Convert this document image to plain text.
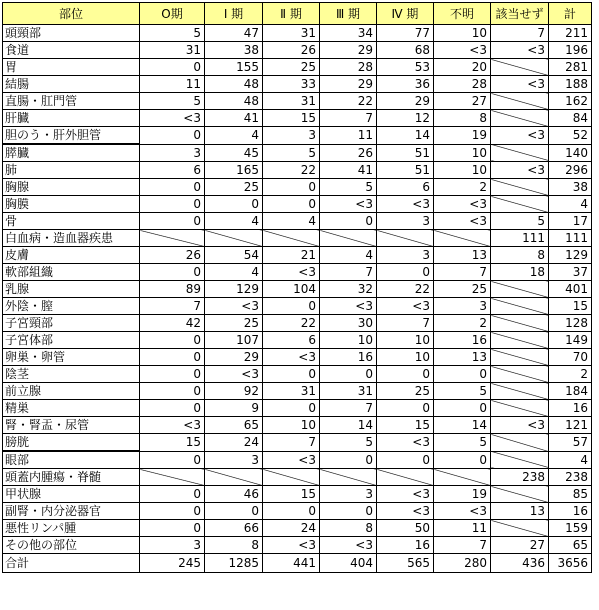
部位	O期	Ⅰ 期	Ⅱ 期	Ⅲ 期	Ⅳ 期	不明	該当せず	計
頭頸部	5	47	31	34	77	10	7	211
食道	31	38	26	29	68	<3	<3	196
胃	0	155	25	28	53	20		281
結腸	11	48	33	29	36	28	<3	188
直腸・肛門管	5	48	31	22	29	27		162
肝臓	<3	41	15	7	12	8		84
胆のう・肝外胆管	0	4	3	11	14	19	<3	52
膵臓	3	45	5	26	51	10		140
肺	6	165	22	41	51	10	<3	296
胸腺	0	25	0	5	6	2		38
胸膜	0	0	0	<3	<3	<3		4
骨	0	4	4	0	3	<3	5	17
白血病・造血器疾患							111	111
皮膚	26	54	21	4	3	13	8	129
軟部組織	0	4	<3	7	0	7	18	37
乳腺	89	129	104	32	22	25		401
外陰・膣	7	<3	0	<3	<3	3		15
子宮頸部	42	25	22	30	7	2		128
子宮体部	0	107	6	10	10	16		149
卵巣・卵管	0	29	<3	16	10	13		70
陰茎	0	<3	0	0	0	0		2
前立腺	0	92	31	31	25	5		184
精巣	0	9	0	7	0	0		16
腎・腎盂・尿管	<3	65	10	14	15	14	<3	121
膀胱	15	24	7	5	<3	5		57
眼部	0	3	<3	0	0	0		4
頭蓋内腫瘍・脊髄							238	238
甲状腺	0	46	15	3	<3	19		85
副腎・内分泌器官	0	0	0	0	<3	<3	13	16
悪性リンパ腫	0	66	24	8	50	11		159
その他の部位	3	8	<3	<3	16	7	27	65
合計	245	1285	441	404	565	280	436	3656
